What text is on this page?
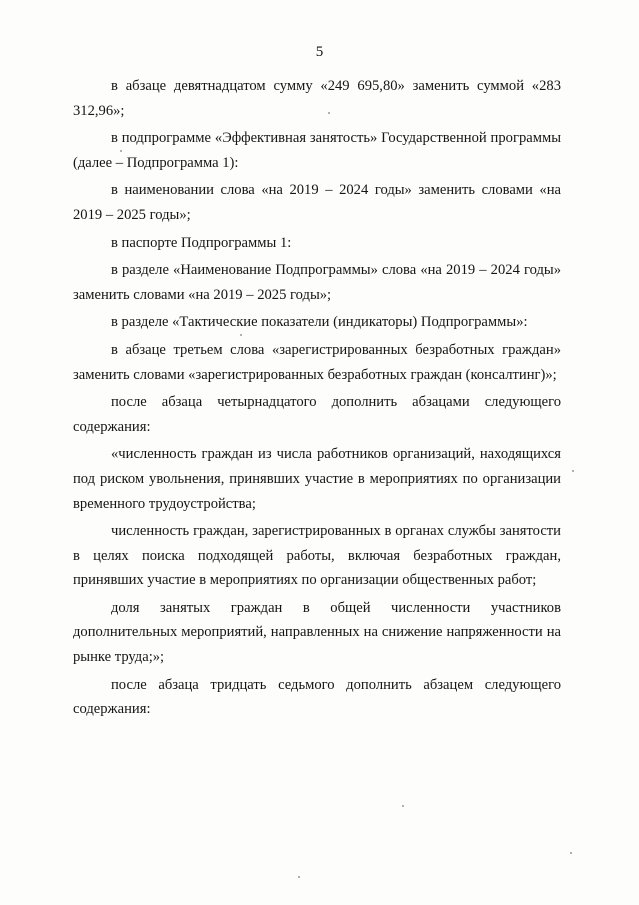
5

в абзаце девятнадцатом сумму «249 695,80» заменить суммой «283 312,96»;

в подпрограмме «Эффективная занятость» Государственной программы (далее – Подпрограмма 1):

в наименовании слова «на 2019 – 2024 годы» заменить словами «на 2019 – 2025 годы»;

в паспорте Подпрограммы 1:

в разделе «Наименование Подпрограммы» слова «на 2019 – 2024 годы» заменить словами «на 2019 – 2025 годы»;

в разделе «Тактические показатели (индикаторы) Подпрограммы»:

в абзаце третьем слова «зарегистрированных безработных граждан» заменить словами «зарегистрированных безработных граждан (консалтинг)»;

после абзаца четырнадцатого дополнить абзацами следующего содержания:

«численность граждан из числа работников организаций, находящихся под риском увольнения, принявших участие в мероприятиях по организации временного трудоустройства;

численность граждан, зарегистрированных в органах службы занятости в целях поиска подходящей работы, включая безработных граждан, принявших участие в мероприятиях по организации общественных работ;

доля занятых граждан в общей численности участников дополнительных мероприятий, направленных на снижение напряженности на рынке труда;»;

после абзаца тридцать седьмого дополнить абзацем следующего содержания:
